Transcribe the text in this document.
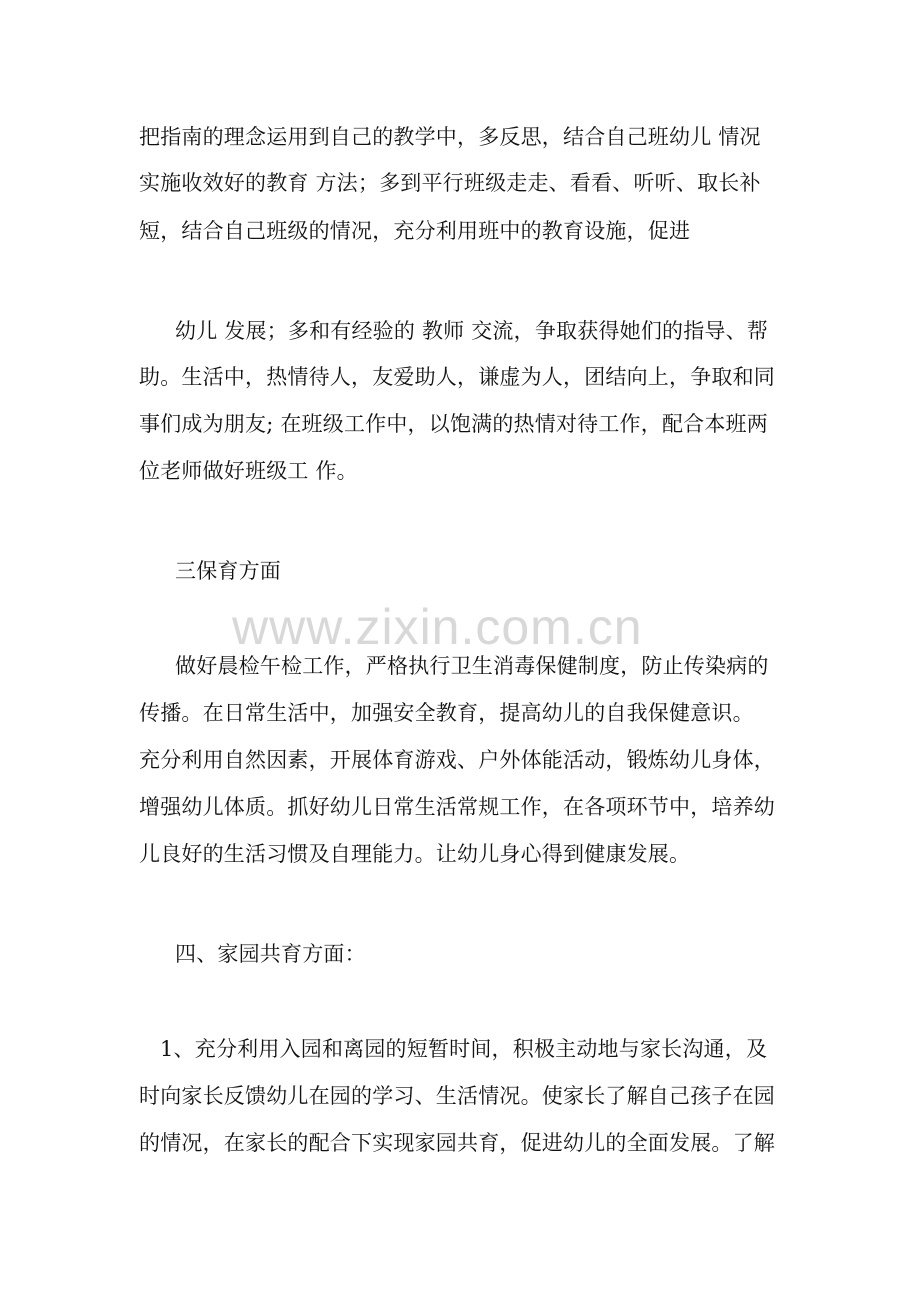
www.zixin.com.cn
把指南的理念运用到自己的教学中，多反思，结合自己班幼儿 情况
实施收效好的教育 方法；多到平行班级走走、看看、听听、取长补
短，结合自己班级的情况，充分利用班中的教育设施，促进
幼儿 发展；多和有经验的 教师 交流，争取获得她们的指导、帮
助。生活中，热情待人，友爱助人，谦虚为人，团结向上，争取和同
事们成为朋友; 在班级工作中，以饱满的热情对待工作，配合本班两
位老师做好班级工 作。
三保育方面
做好晨检午检工作，严格执行卫生消毒保健制度，防止传染病的
传播。在日常生活中，加强安全教育，提高幼儿的自我保健意识。
充分利用自然因素，开展体育游戏、户外体能活动，锻炼幼儿身体，
增强幼儿体质。抓好幼儿日常生活常规工作，在各项环节中，培养幼
儿良好的生活习惯及自理能力。让幼儿身心得到健康发展。
四、家园共育方面：
1、充分利用入园和离园的短暂时间，积极主动地与家长沟通，及
时向家长反馈幼儿在园的学习、生活情况。使家长了解自己孩子在园
的情况，在家长的配合下实现家园共育，促进幼儿的全面发展。了解
